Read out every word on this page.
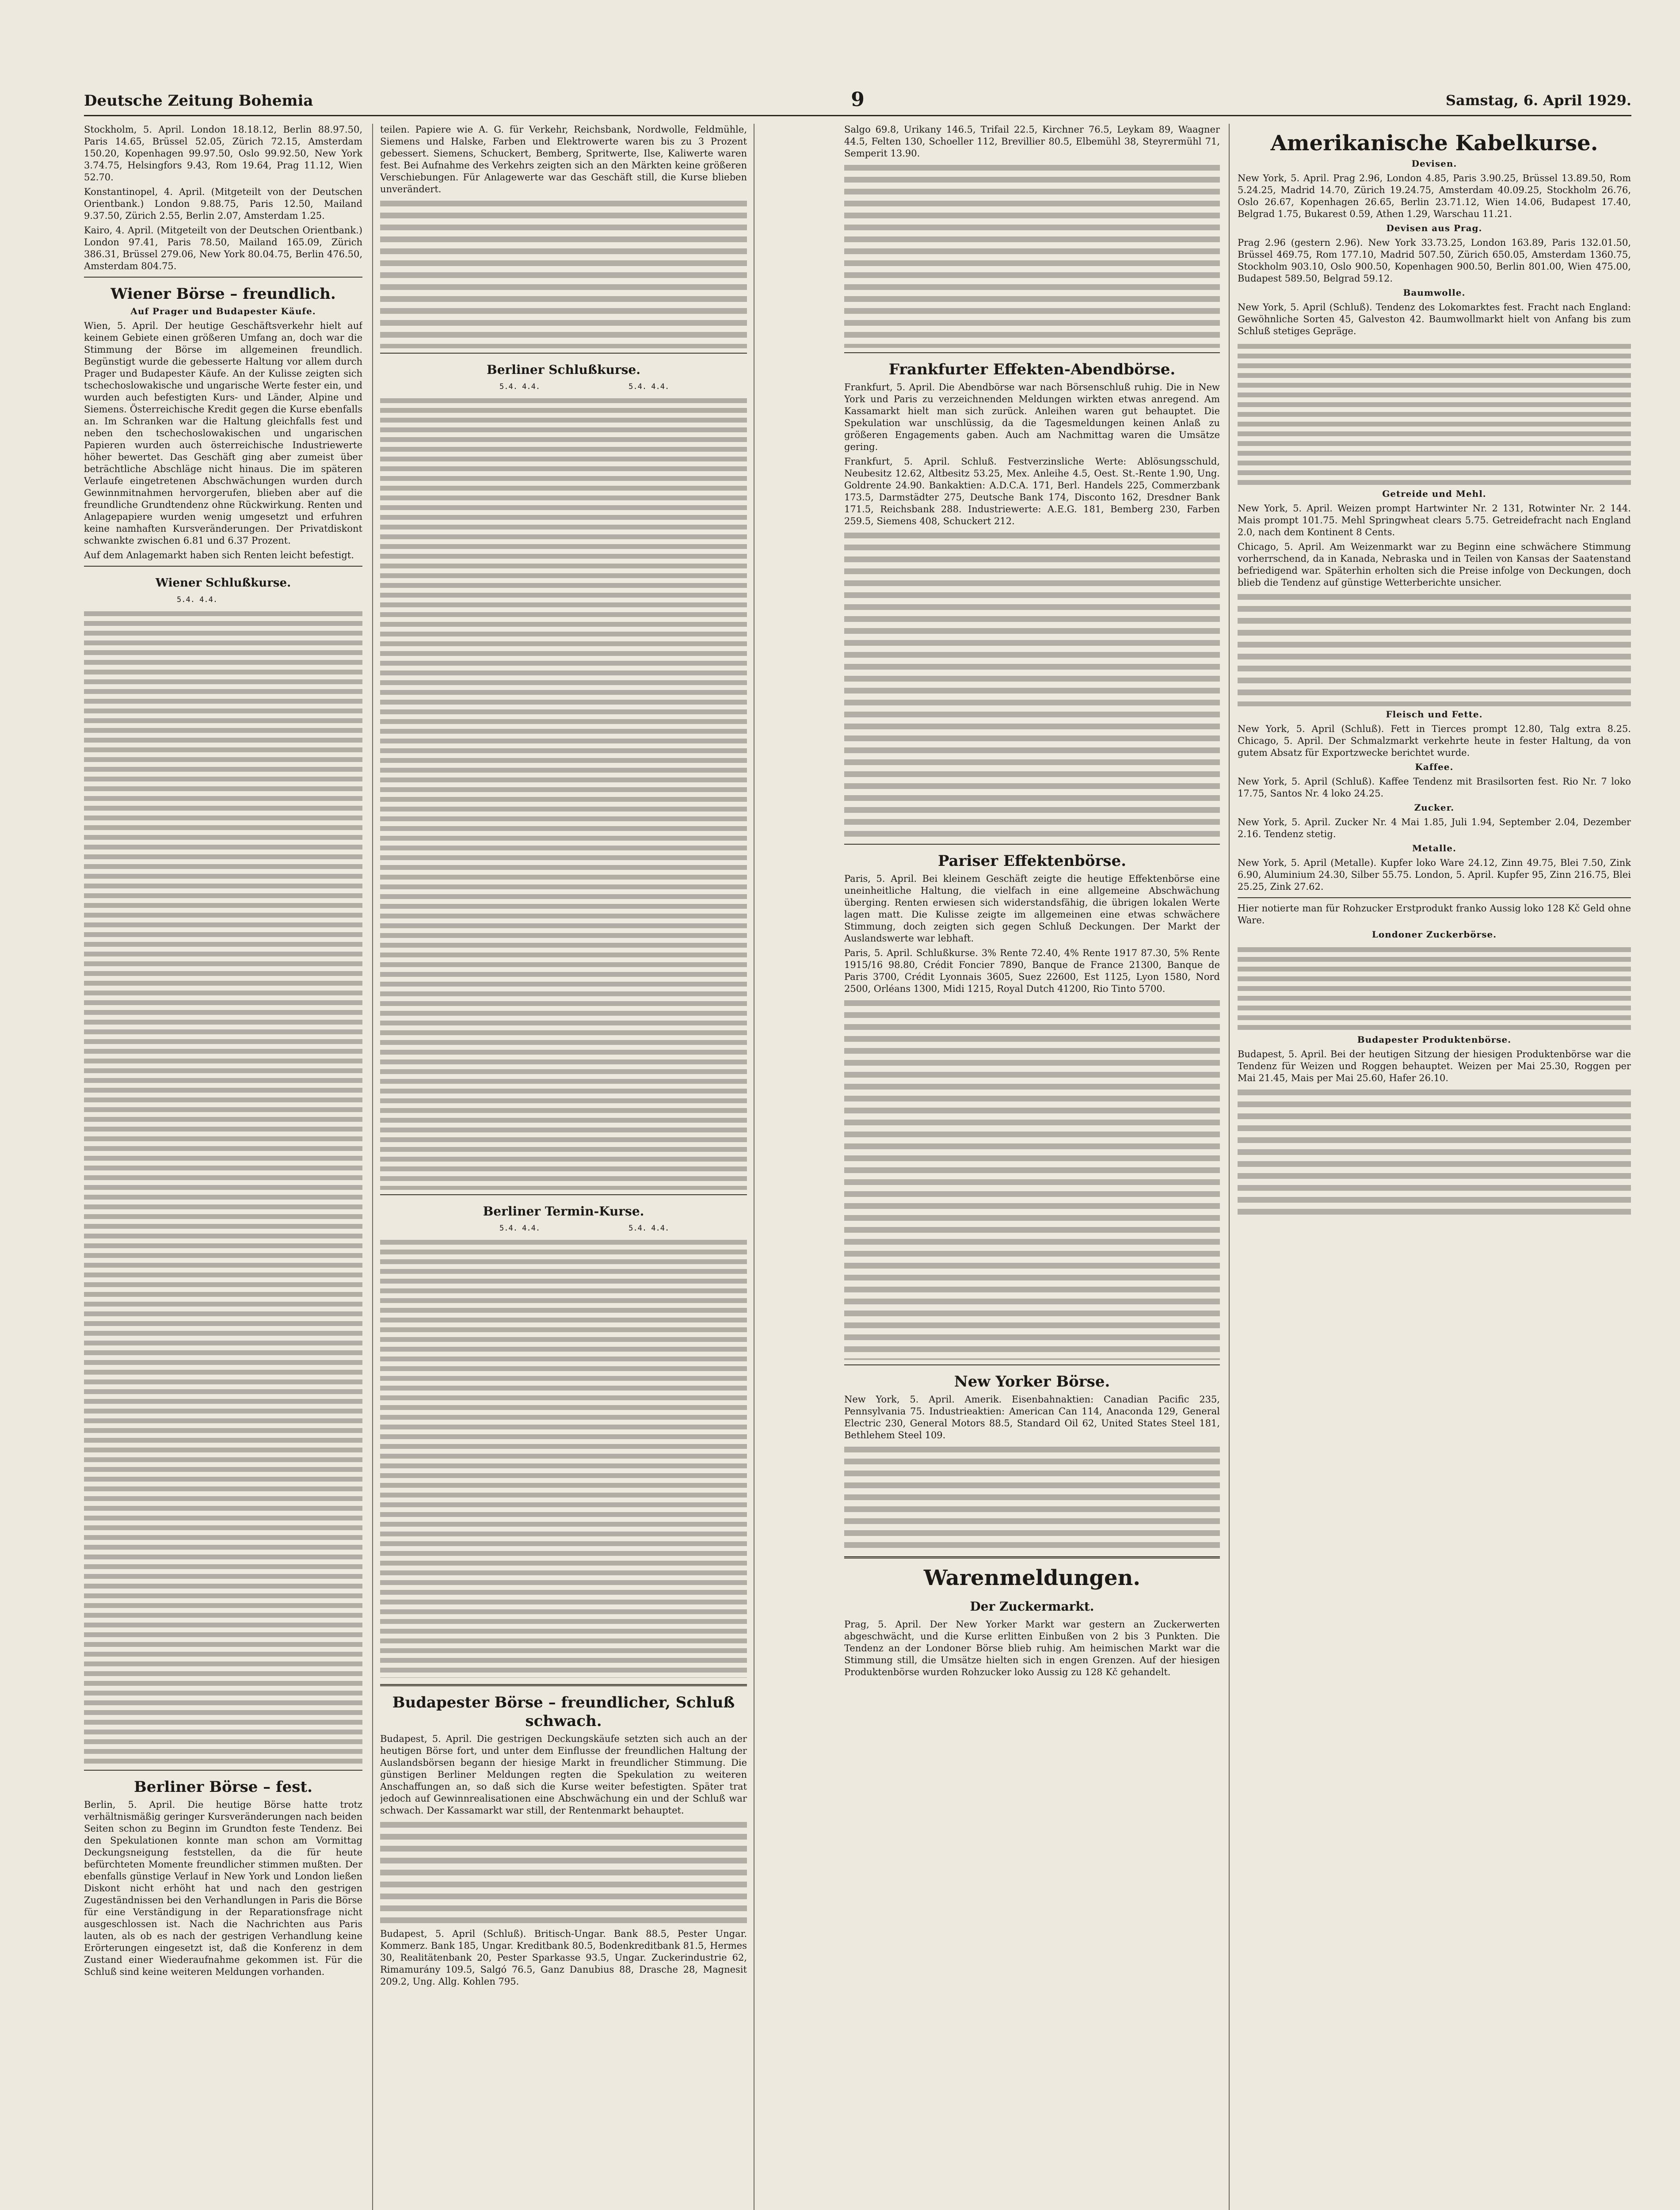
Deutsche Zeitung Bohemia	9	Samstag, 6. April 1929.

Stockholm, 5. April. London 18.18.12, Berlin 88.97.50, Paris 14.65, Brüssel 52.05, Zürich 72.15, Amsterdam 150.20, Kopenhagen 99.97.50, Oslo 99.92.50, New York 3.74.75, Helsingfors 9.43, Rom 19.64, Prag 11.12, Wien 52.70.

Konstantinopel, 4. April. (Mitgeteilt von der Deutschen Orientbank.) London 9.88.75, Paris 12.50, Mailand 9.37.50, Zürich 2.55, Berlin 2.07, Amsterdam 1.25.

Kairo, 4. April. (Mitgeteilt von der Deutschen Orientbank.) London 97.41, Paris 78.50, Mailand 165.09, Zürich 386.31, Brüssel 279.06, New York 80.04.75, Berlin 476.50, Amsterdam 804.75.

Wiener Börse – freundlich.
Auf Prager und Budapester Käufe.

Wien, 5. April. Der heutige Geschäftsverkehr hielt auf keinem Gebiete einen größeren Umfang an, doch war die Stimmung der Börse im allgemeinen freundlich. Begünstigt wurde die gebesserte Haltung vor allem durch Prager und Budapester Käufe. An der Kulisse zeigten sich tschechoslowakische und ungarische Werte fester ein, und wurden auch befestigten Kurs- und Länder, Alpine und Siemens. Österreichische Kredit gegen die Kurse ebenfalls an. Im Schranken war die Haltung gleichfalls fest und neben den tschechoslowakischen und ungarischen Papieren wurden auch österreichische Industriewerte höher bewertet. Das Geschäft ging aber zumeist über beträchtliche Abschläge nicht hinaus. Die im späteren Verlaufe eingetretenen Abschwächungen wurden durch Gewinnmitnahmen hervorgerufen, blieben aber auf die freundliche Grundtendenz ohne Rückwirkung. Renten und Anlagepapiere wurden wenig umgesetzt und erfuhren keine namhaften Kursveränderungen. Der Privatdiskont schwankte zwischen 6.81 und 6.37 Prozent.

Auf dem Anlagemarkt haben sich Renten leicht befestigt.

Wiener Schlußkurse.
5.4. 4.4.
Berliner Börse – fest.

Berlin, 5. April. Die heutige Börse hatte trotz verhältnismäßig geringer Kursveränderungen nach beiden Seiten schon zu Beginn im Grundton feste Tendenz. Bei den Spekulationen konnte man schon am Vormittag Deckungsneigung feststellen, da die für heute befürchteten Momente freundlicher stimmen mußten. Der ebenfalls günstige Verlauf in New York und London ließen Diskont nicht erhöht hat und nach den gestrigen Zugeständnissen bei den Verhandlungen in Paris die Börse für eine Verständigung in der Reparationsfrage nicht ausgeschlossen ist. Nach die Nachrichten aus Paris lauten, als ob es nach der gestrigen Verhandlung keine Erörterungen eingesetzt ist, daß die Konferenz in dem Zustand einer Wiederaufnahme gekommen ist. Für die Schluß sind keine weiteren Meldungen vorhanden.

teilen. Papiere wie A. G. für Verkehr, Reichsbank, Nordwolle, Feldmühle, Siemens und Halske, Farben und Elektrowerte waren bis zu 3 Prozent gebessert. Siemens, Schuckert, Bemberg, Spritwerte, Ilse, Kaliwerte waren fest. Bei Aufnahme des Verkehrs zeigten sich an den Märkten keine größeren Verschiebungen. Für Anlagewerte war das Geschäft still, die Kurse blieben unverändert.

Berliner Schlußkurse.
5.4. 4.4.	5.4. 4.4.
Berliner Termin-Kurse.
5.4. 4.4.	5.4. 4.4.
Budapester Börse – freundlicher, Schluß schwach.

Budapest, 5. April. Die gestrigen Deckungskäufe setzten sich auch an der heutigen Börse fort, und unter dem Einflusse der freundlichen Haltung der Auslandsbörsen begann der hiesige Markt in freundlicher Stimmung. Die günstigen Berliner Meldungen regten die Spekulation zu weiteren Anschaffungen an, so daß sich die Kurse weiter befestigten. Später trat jedoch auf Gewinnrealisationen eine Abschwächung ein und der Schluß war schwach. Der Kassamarkt war still, der Rentenmarkt behauptet.

Budapest, 5. April (Schluß). Britisch-Ungar. Bank 88.5, Pester Ungar. Kommerz. Bank 185, Ungar. Kreditbank 80.5, Bodenkreditbank 81.5, Hermes 30, Realitätenbank 20, Pester Sparkasse 93.5, Ungar. Zuckerindustrie 62, Rimamurány 109.5, Salgó 76.5, Ganz Danubius 88, Drasche 28, Magnesit 209.2, Ung. Allg. Kohlen 795.

Salgo 69.8, Urikany 146.5, Trifail 22.5, Kirchner 76.5, Leykam 89, Waagner 44.5, Felten 130, Schoeller 112, Brevillier 80.5, Elbemühl 38, Steyrermühl 71, Semperit 13.90.

Frankfurter Effekten-Abendbörse.

Frankfurt, 5. April. Die Abendbörse war nach Börsenschluß ruhig. Die in New York und Paris zu verzeichnenden Meldungen wirkten etwas anregend. Am Kassamarkt hielt man sich zurück. Anleihen waren gut behauptet. Die Spekulation war unschlüssig, da die Tagesmeldungen keinen Anlaß zu größeren Engagements gaben. Auch am Nachmittag waren die Umsätze gering.

Frankfurt, 5. April. Schluß. Festverzinsliche Werte: Ablösungsschuld, Neubesitz 12.62, Altbesitz 53.25, Mex. Anleihe 4.5, Oest. St.-Rente 1.90, Ung. Goldrente 24.90. Bankaktien: A.D.C.A. 171, Berl. Handels 225, Commerzbank 173.5, Darmstädter 275, Deutsche Bank 174, Disconto 162, Dresdner Bank 171.5, Reichsbank 288. Industriewerte: A.E.G. 181, Bemberg 230, Farben 259.5, Siemens 408, Schuckert 212.

Pariser Effektenbörse.

Paris, 5. April. Bei kleinem Geschäft zeigte die heutige Effektenbörse eine uneinheitliche Haltung, die vielfach in eine allgemeine Abschwächung überging. Renten erwiesen sich widerstandsfähig, die übrigen lokalen Werte lagen matt. Die Kulisse zeigte im allgemeinen eine etwas schwächere Stimmung, doch zeigten sich gegen Schluß Deckungen. Der Markt der Auslandswerte war lebhaft.

Paris, 5. April. Schlußkurse. 3% Rente 72.40, 4% Rente 1917 87.30, 5% Rente 1915/16 98.80, Crédit Foncier 7890, Banque de France 21300, Banque de Paris 3700, Crédit Lyonnais 3605, Suez 22600, Est 1125, Lyon 1580, Nord 2500, Orléans 1300, Midi 1215, Royal Dutch 41200, Rio Tinto 5700.

New Yorker Börse.

New York, 5. April. Amerik. Eisenbahnaktien: Canadian Pacific 235, Pennsylvania 75. Industrieaktien: American Can 114, Anaconda 129, General Electric 230, General Motors 88.5, Standard Oil 62, United States Steel 181, Bethlehem Steel 109.

Warenmeldungen.
Der Zuckermarkt.

Prag, 5. April. Der New Yorker Markt war gestern an Zuckerwerten abgeschwächt, und die Kurse erlitten Einbußen von 2 bis 3 Punkten. Die Tendenz an der Londoner Börse blieb ruhig. Am heimischen Markt war die Stimmung still, die Umsätze hielten sich in engen Grenzen. Auf der hiesigen Produktenbörse wurden Rohzucker loko Aussig zu 128 Kč gehandelt.

Amerikanische Kabelkurse.
Devisen.

New York, 5. April. Prag 2.96, London 4.85, Paris 3.90.25, Brüssel 13.89.50, Rom 5.24.25, Madrid 14.70, Zürich 19.24.75, Amsterdam 40.09.25, Stockholm 26.76, Oslo 26.67, Kopenhagen 26.65, Berlin 23.71.12, Wien 14.06, Budapest 17.40, Belgrad 1.75, Bukarest 0.59, Athen 1.29, Warschau 11.21.

Devisen aus Prag.

Prag 2.96 (gestern 2.96). New York 33.73.25, London 163.89, Paris 132.01.50, Brüssel 469.75, Rom 177.10, Madrid 507.50, Zürich 650.05, Amsterdam 1360.75, Stockholm 903.10, Oslo 900.50, Kopenhagen 900.50, Berlin 801.00, Wien 475.00, Budapest 589.50, Belgrad 59.12.

Baumwolle.

New York, 5. April (Schluß). Tendenz des Lokomarktes fest. Fracht nach England: Gewöhnliche Sorten 45, Galveston 42. Baumwollmarkt hielt von Anfang bis zum Schluß stetiges Gepräge.

Getreide und Mehl.

New York, 5. April. Weizen prompt Hartwinter Nr. 2 131, Rotwinter Nr. 2 144. Mais prompt 101.75. Mehl Springwheat clears 5.75. Getreidefracht nach England 2.0, nach dem Kontinent 8 Cents.

Chicago, 5. April. Am Weizenmarkt war zu Beginn eine schwächere Stimmung vorherrschend, da in Kanada, Nebraska und in Teilen von Kansas der Saatenstand befriedigend war. Späterhin erholten sich die Preise infolge von Deckungen, doch blieb die Tendenz auf günstige Wetterberichte unsicher.

Fleisch und Fette.

New York, 5. April (Schluß). Fett in Tierces prompt 12.80, Talg extra 8.25. Chicago, 5. April. Der Schmalzmarkt verkehrte heute in fester Haltung, da von gutem Absatz für Exportzwecke berichtet wurde.

Kaffee.

New York, 5. April (Schluß). Kaffee Tendenz mit Brasilsorten fest. Rio Nr. 7 loko 17.75, Santos Nr. 4 loko 24.25.

Zucker.

New York, 5. April. Zucker Nr. 4 Mai 1.85, Juli 1.94, September 2.04, Dezember 2.16. Tendenz stetig.

Metalle.

New York, 5. April (Metalle). Kupfer loko Ware 24.12, Zinn 49.75, Blei 7.50, Zink 6.90, Aluminium 24.30, Silber 55.75. London, 5. April. Kupfer 95, Zinn 216.75, Blei 25.25, Zink 27.62.

Hier notierte man für Rohzucker Erstprodukt franko Aussig loko 128 Kč Geld ohne Ware.

Londoner Zuckerbörse.
Budapester Produktenbörse.

Budapest, 5. April. Bei der heutigen Sitzung der hiesigen Produktenbörse war die Tendenz für Weizen und Roggen behauptet. Weizen per Mai 25.30, Roggen per Mai 21.45, Mais per Mai 25.60, Hafer 26.10.
